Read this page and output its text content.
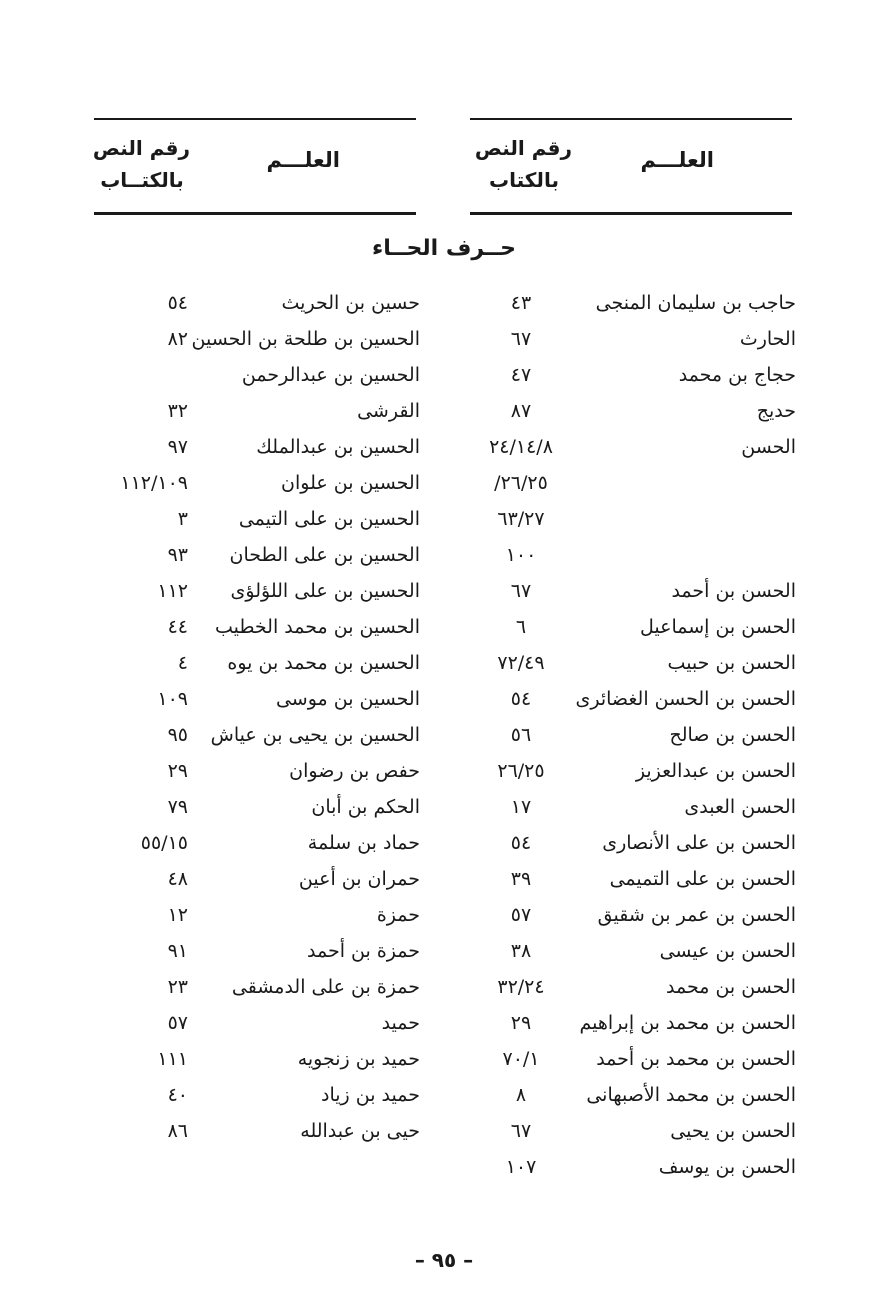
العلـــم
رقم النص
بالكتاب
العلـــم
رقم النص
بالكتــاب
حــرف الحــاء
حاجب بن سليمان المنجى
٤٣
الحارث
٦٧
حجاج بن محمد
٤٧
حديج
٨٧
الحسن
٢٤/١٤/٨
/٢٦/٢٥
٦٣/٢٧
١٠٠
الحسن بن أحمد
٦٧
الحسن بن إسماعيل
٦
الحسن بن حبيب
٧٢/٤٩
الحسن بن الحسن الغضائرى
٥٤
الحسن بن صالح
٥٦
الحسن بن عبدالعزيز
٢٦/٢٥
الحسن العبدى
١٧
الحسن بن على الأنصارى
٥٤
الحسن بن على التميمى
٣٩
الحسن بن عمر بن شقيق
٥٧
الحسن بن عيسى
٣٨
الحسن بن محمد
٣٢/٢٤
الحسن بن محمد بن إبراهيم
٢٩
الحسن بن محمد بن أحمد
٧٠/١
الحسن بن محمد الأصبهانى
٨
الحسن بن يحيى
٦٧
الحسن بن يوسف
١٠٧
حسين بن الحريث
٥٤
الحسين بن طلحة بن الحسين
٨٢
الحسين بن عبدالرحمن
القرشى
٣٢
الحسين بن عبدالملك
٩٧
الحسين بن علوان
١١٢/١٠٩
الحسين بن على التيمى
٣
الحسين بن على الطحان
٩٣
الحسين بن على اللؤلؤى
١١٢
الحسين بن محمد الخطيب
٤٤
الحسين بن محمد بن يوه
٤
الحسين بن موسى
١٠٩
الحسين بن يحيى بن عياش
٩٥
حفص بن رضوان
٢٩
الحكم بن أبان
٧٩
حماد بن سلمة
٥٥/١٥
حمران بن أعين
٤٨
حمزة
١٢
حمزة بن أحمد
٩١
حمزة بن على الدمشقى
٢٣
حميد
٥٧
حميد بن زنجويه
١١١
حميد بن زياد
٤٠
حيى بن عبدالله
٨٦
– ٩٥ –
